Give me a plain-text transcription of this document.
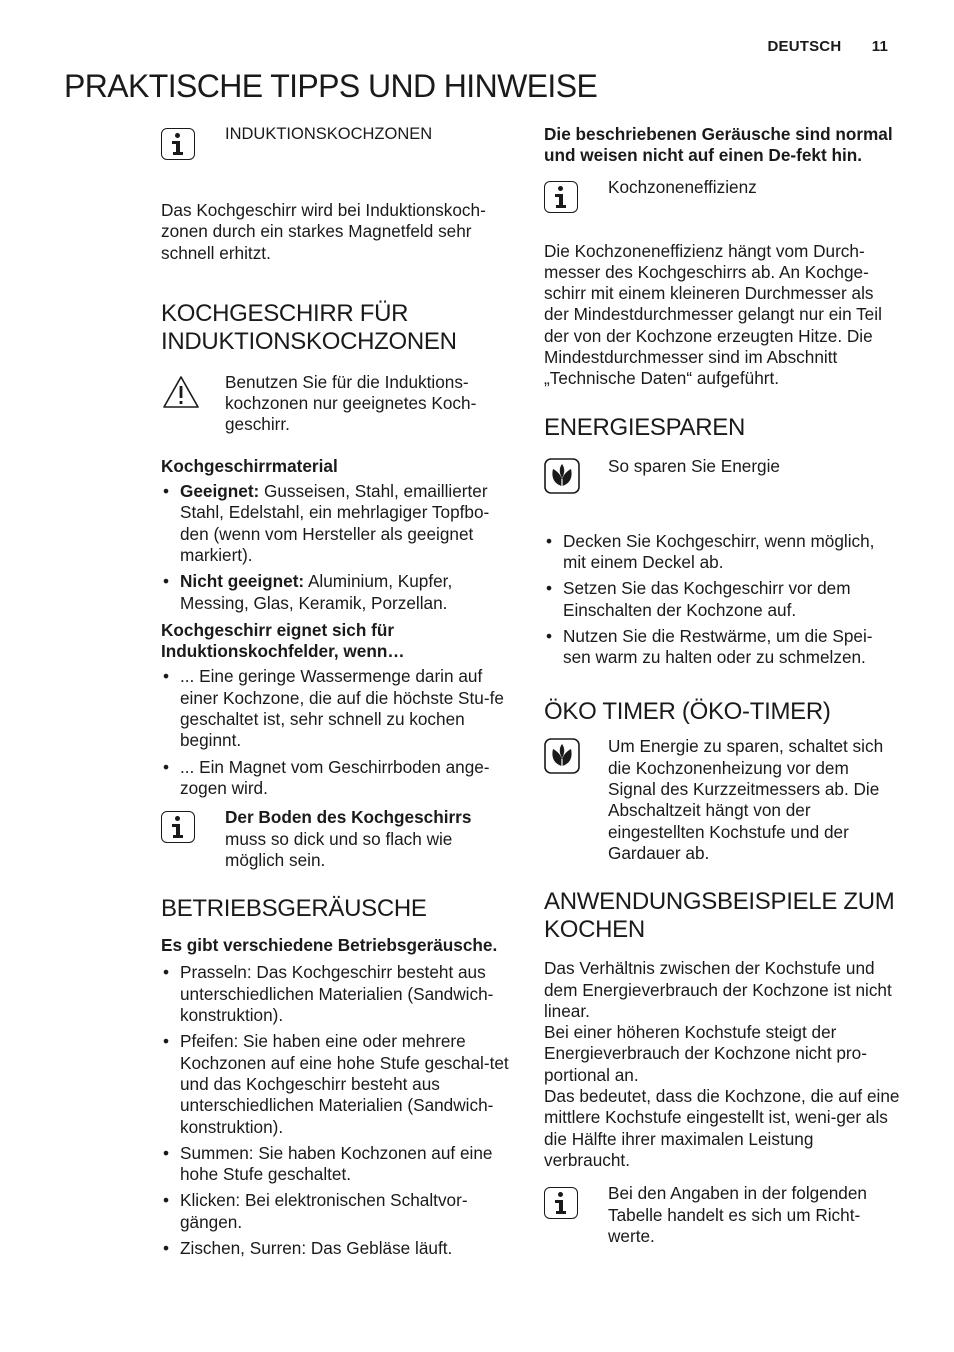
DEUTSCH 11
PRAKTISCHE TIPPS UND HINWEISE
INDUKTIONSKOCHZONEN

Das Kochgeschirr wird bei Induktionskoch-zonen durch ein starkes Magnetfeld sehr schnell erhitzt.

KOCHGESCHIRR FÜR INDUKTIONSKOCHZONEN
Benutzen Sie für die Induktions-kochzonen nur geeignetes Koch-geschirr.

Kochgeschirrmaterial

• Geeignet: Gusseisen, Stahl, emaillierter Stahl, Edelstahl, ein mehrlagiger Topfbo-den (wenn vom Hersteller als geeignet markiert).
• Nicht geeignet: Aluminium, Kupfer, Messing, Glas, Keramik, Porzellan.

Kochgeschirr eignet sich für Induktionskochfelder, wenn…

• ... Eine geringe Wassermenge darin auf einer Kochzone, die auf die höchste Stu-fe geschaltet ist, sehr schnell zu kochen beginnt.
• ... Ein Magnet vom Geschirrboden ange-zogen wird.
Der Boden des Kochgeschirrs muss so dick und so flach wie möglich sein.
BETRIEBSGERÄUSCHE

Es gibt verschiedene Betriebsgeräusche.

• Prasseln: Das Kochgeschirr besteht aus unterschiedlichen Materialien (Sandwich-konstruktion).
• Pfeifen: Sie haben eine oder mehrere Kochzonen auf eine hohe Stufe geschal-tet und das Kochgeschirr besteht aus unterschiedlichen Materialien (Sandwich-konstruktion).
• Summen: Sie haben Kochzonen auf eine hohe Stufe geschaltet.
• Klicken: Bei elektronischen Schaltvor-gängen.
• Zischen, Surren: Das Gebläse läuft.

Die beschriebenen Geräusche sind normal und weisen nicht auf einen De-fekt hin.

Kochzoneneffizienz

Die Kochzoneneffizienz hängt vom Durch-messer des Kochgeschirrs ab. An Kochge-schirr mit einem kleineren Durchmesser als der Mindestdurchmesser gelangt nur ein Teil der von der Kochzone erzeugten Hitze. Die Mindestdurchmesser sind im Abschnitt „Technische Daten“ aufgeführt.

ENERGIESPAREN
So sparen Sie Energie
• Decken Sie Kochgeschirr, wenn möglich, mit einem Deckel ab.
• Setzen Sie das Kochgeschirr vor dem Einschalten der Kochzone auf.
• Nutzen Sie die Restwärme, um die Spei-sen warm zu halten oder zu schmelzen.
ÖKO TIMER (ÖKO-TIMER)
Um Energie zu sparen, schaltet sich die Kochzonenheizung vor dem Signal des Kurzzeitmessers ab. Die Abschaltzeit hängt von der eingestellten Kochstufe und der Gardauer ab.
ANWENDUNGSBEISPIELE ZUM KOCHEN

Das Verhältnis zwischen der Kochstufe und dem Energieverbrauch der Kochzone ist nicht linear.
Bei einer höheren Kochstufe steigt der Energieverbrauch der Kochzone nicht pro-portional an.
Das bedeutet, dass die Kochzone, die auf eine mittlere Kochstufe eingestellt ist, weni-ger als die Hälfte ihrer maximalen Leistung verbraucht.

Bei den Angaben in der folgenden Tabelle handelt es sich um Richt-werte.
